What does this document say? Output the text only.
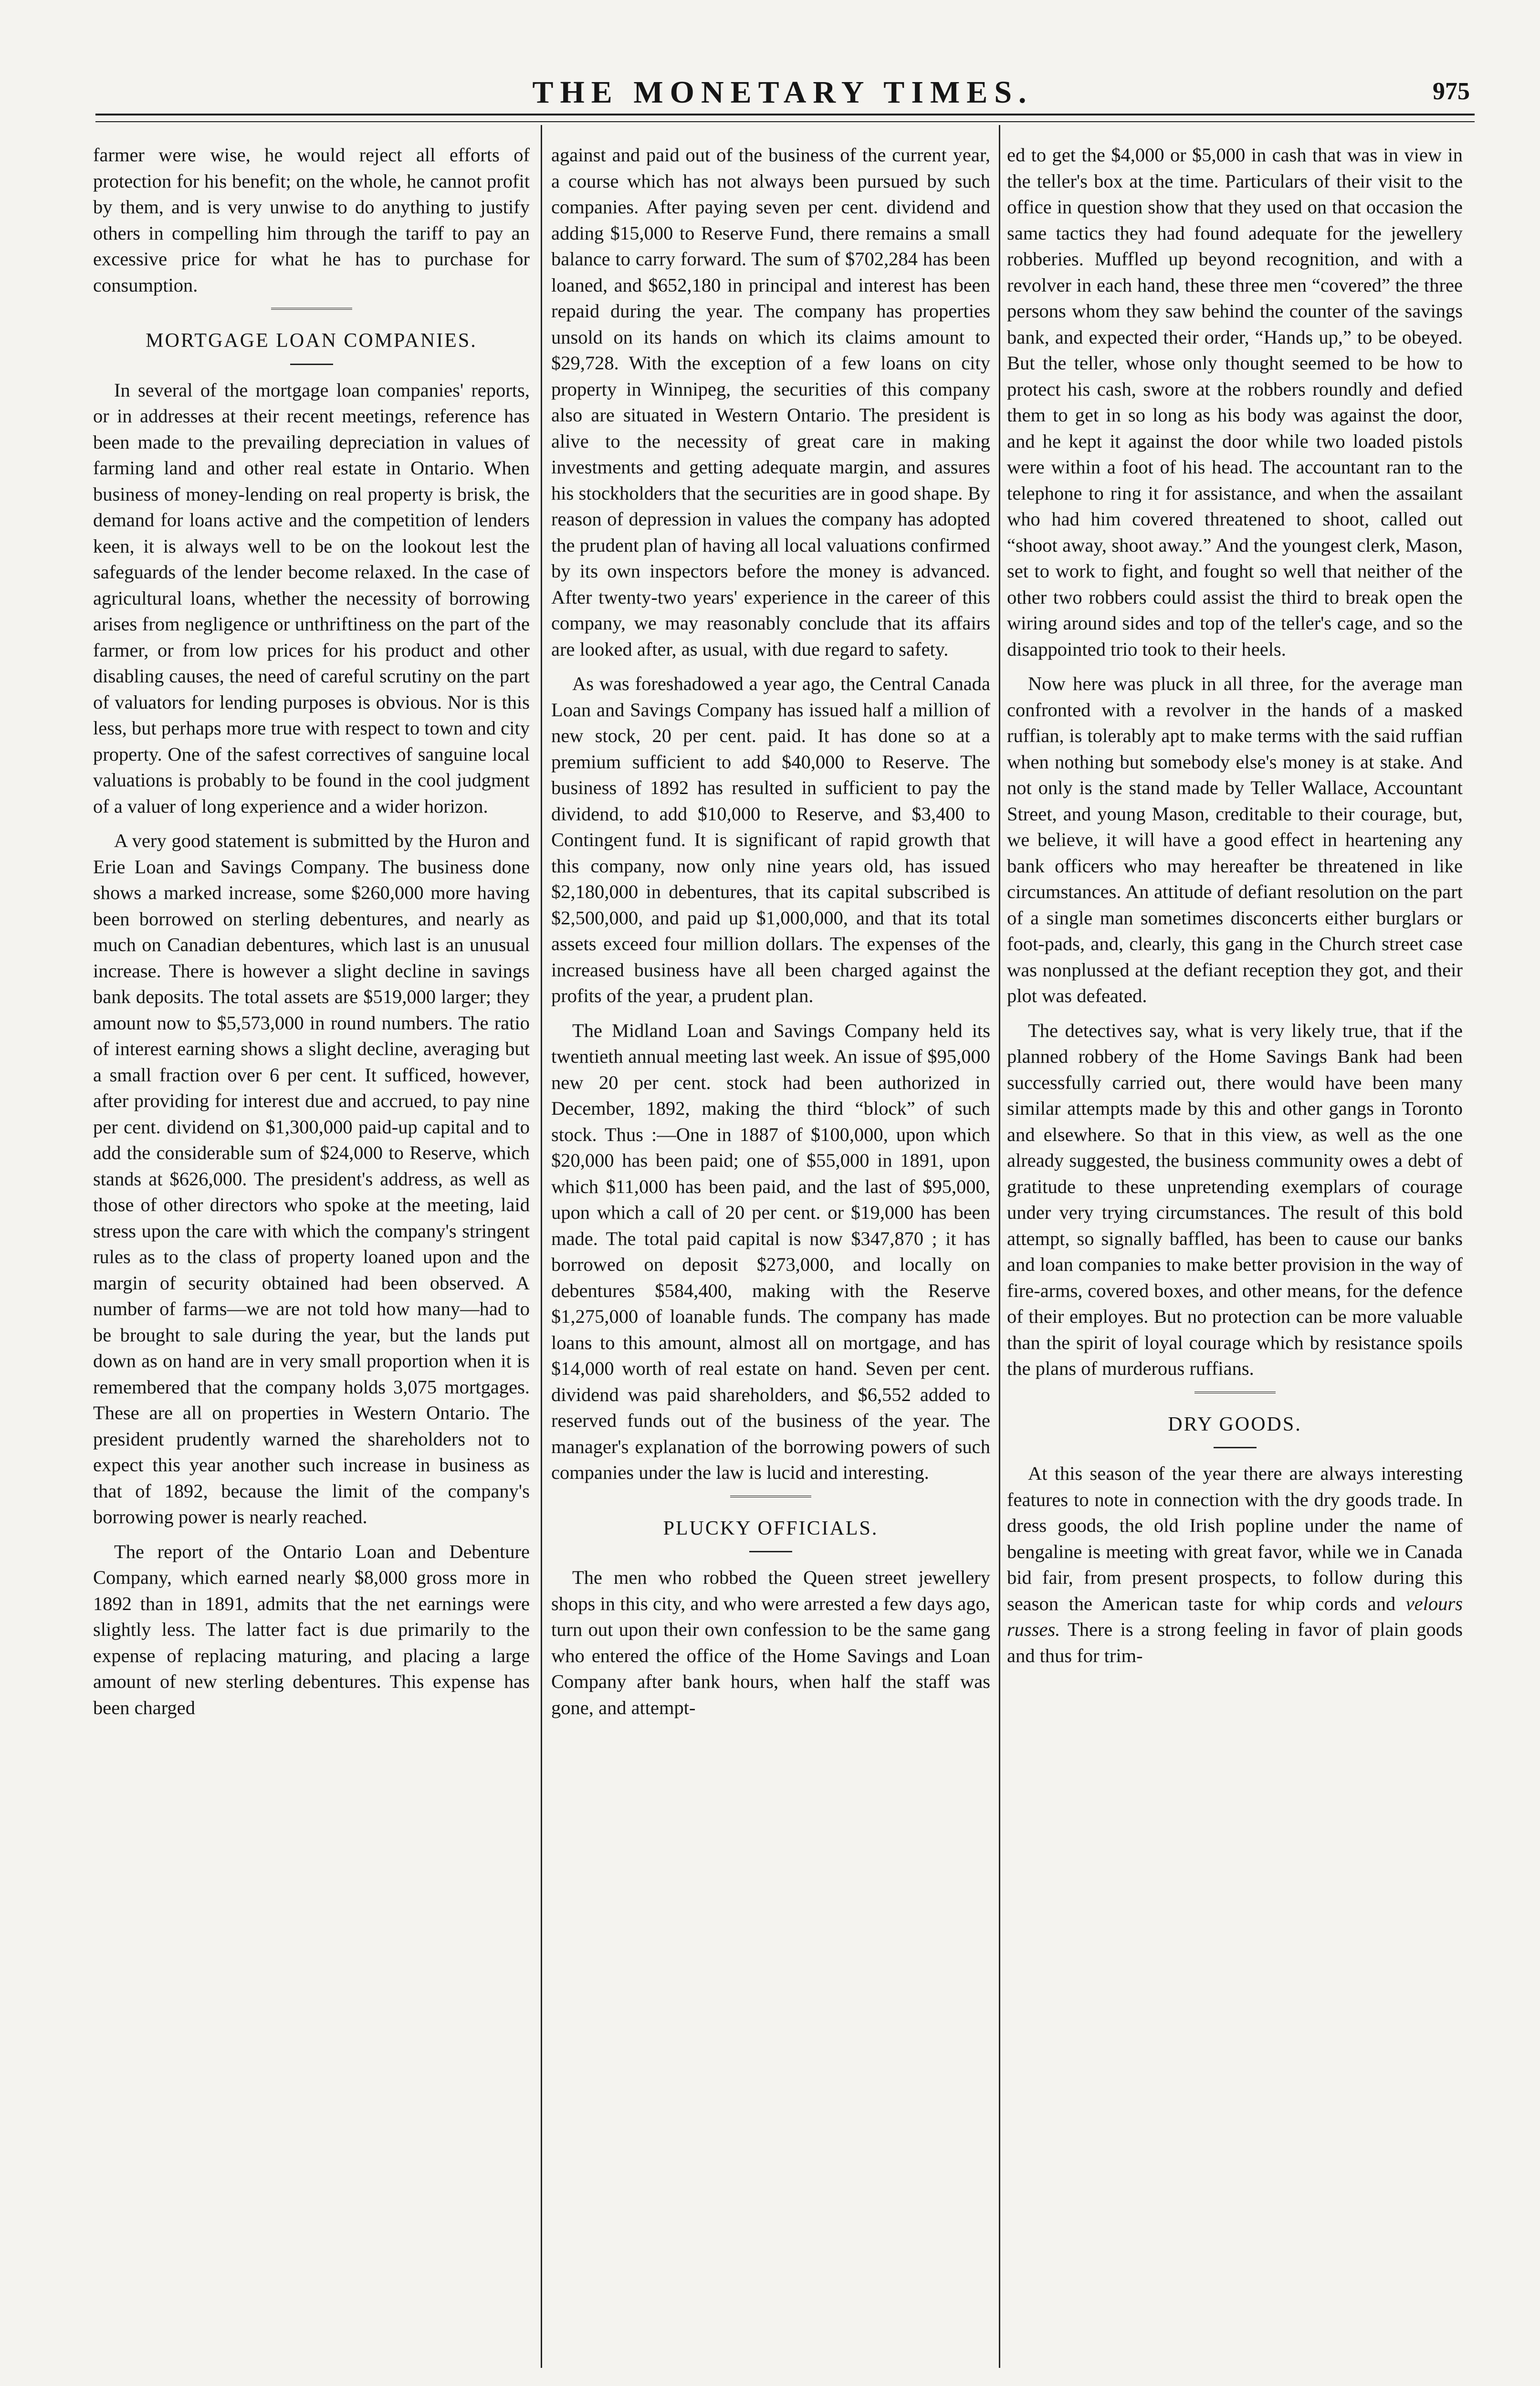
THE MONETARY TIMES.	975

farmer were wise, he would reject all efforts of protection for his benefit; on the whole, he cannot profit by them, and is very unwise to do anything to justify others in compelling him through the tariff to pay an excessive price for what he has to purchase for consumption.

MORTGAGE LOAN COMPANIES.

In several of the mortgage loan companies' reports, or in addresses at their recent meetings, reference has been made to the prevailing depreciation in values of farming land and other real estate in Ontario. When business of money-lending on real property is brisk, the demand for loans active and the competition of lenders keen, it is always well to be on the lookout lest the safeguards of the lender become relaxed. In the case of agricultural loans, whether the necessity of borrowing arises from negligence or unthriftiness on the part of the farmer, or from low prices for his product and other disabling causes, the need of careful scrutiny on the part of valuators for lending purposes is obvious. Nor is this less, but perhaps more true with respect to town and city property. One of the safest correctives of sanguine local valuations is probably to be found in the cool judgment of a valuer of long experience and a wider horizon.

A very good statement is submitted by the Huron and Erie Loan and Savings Company. The business done shows a marked increase, some $260,000 more having been borrowed on sterling debentures, and nearly as much on Canadian debentures, which last is an unusual increase. There is however a slight decline in savings bank deposits. The total assets are $519,000 larger; they amount now to $5,573,000 in round numbers. The ratio of interest earning shows a slight decline, averaging but a small fraction over 6 per cent. It sufficed, however, after providing for interest due and accrued, to pay nine per cent. dividend on $1,300,000 paid-up capital and to add the considerable sum of $24,000 to Reserve, which stands at $626,000. The president's address, as well as those of other directors who spoke at the meeting, laid stress upon the care with which the company's stringent rules as to the class of property loaned upon and the margin of security obtained had been observed. A number of farms—we are not told how many—had to be brought to sale during the year, but the lands put down as on hand are in very small proportion when it is remembered that the company holds 3,075 mortgages. These are all on properties in Western Ontario. The president prudently warned the shareholders not to expect this year another such increase in business as that of 1892, because the limit of the company's borrowing power is nearly reached.

The report of the Ontario Loan and Debenture Company, which earned nearly $8,000 gross more in 1892 than in 1891, admits that the net earnings were slightly less. The latter fact is due primarily to the expense of replacing maturing, and placing a large amount of new sterling debentures. This expense has been charged

against and paid out of the business of the current year, a course which has not always been pursued by such companies. After paying seven per cent. dividend and adding $15,000 to Reserve Fund, there remains a small balance to carry forward. The sum of $702,284 has been loaned, and $652,180 in principal and interest has been repaid during the year. The company has properties unsold on its hands on which its claims amount to $29,728. With the exception of a few loans on city property in Winnipeg, the securities of this company also are situated in Western Ontario. The president is alive to the necessity of great care in making investments and getting adequate margin, and assures his stockholders that the securities are in good shape. By reason of depression in values the company has adopted the prudent plan of having all local valuations confirmed by its own inspectors before the money is advanced. After twenty-two years' experience in the career of this company, we may reasonably conclude that its affairs are looked after, as usual, with due regard to safety.

As was foreshadowed a year ago, the Central Canada Loan and Savings Company has issued half a million of new stock, 20 per cent. paid. It has done so at a premium sufficient to add $40,000 to Reserve. The business of 1892 has resulted in sufficient to pay the dividend, to add $10,000 to Reserve, and $3,400 to Contingent fund. It is significant of rapid growth that this company, now only nine years old, has issued $2,180,000 in debentures, that its capital subscribed is $2,500,000, and paid up $1,000,000, and that its total assets exceed four million dollars. The expenses of the increased business have all been charged against the profits of the year, a prudent plan.

The Midland Loan and Savings Company held its twentieth annual meeting last week. An issue of $95,000 new 20 per cent. stock had been authorized in December, 1892, making the third “block” of such stock. Thus :—One in 1887 of $100,000, upon which $20,000 has been paid; one of $55,000 in 1891, upon which $11,000 has been paid, and the last of $95,000, upon which a call of 20 per cent. or $19,000 has been made. The total paid capital is now $347,870 ; it has borrowed on deposit $273,000, and locally on debentures $584,400, making with the Reserve $1,275,000 of loanable funds. The company has made loans to this amount, almost all on mortgage, and has $14,000 worth of real estate on hand. Seven per cent. dividend was paid shareholders, and $6,552 added to reserved funds out of the business of the year. The manager's explanation of the borrowing powers of such companies under the law is lucid and interesting.

PLUCKY OFFICIALS.

The men who robbed the Queen street jewellery shops in this city, and who were arrested a few days ago, turn out upon their own confession to be the same gang who entered the office of the Home Savings and Loan Company after bank hours, when half the staff was gone, and attempt-

ed to get the $4,000 or $5,000 in cash that was in view in the teller's box at the time. Particulars of their visit to the office in question show that they used on that occasion the same tactics they had found adequate for the jewellery robberies. Muffled up beyond recognition, and with a revolver in each hand, these three men “covered” the three persons whom they saw behind the counter of the savings bank, and expected their order, “Hands up,” to be obeyed. But the teller, whose only thought seemed to be how to protect his cash, swore at the robbers roundly and defied them to get in so long as his body was against the door, and he kept it against the door while two loaded pistols were within a foot of his head. The accountant ran to the telephone to ring it for assistance, and when the assailant who had him covered threatened to shoot, called out “shoot away, shoot away.” And the youngest clerk, Mason, set to work to fight, and fought so well that neither of the other two robbers could assist the third to break open the wiring around sides and top of the teller's cage, and so the disappointed trio took to their heels.

Now here was pluck in all three, for the average man confronted with a revolver in the hands of a masked ruffian, is tolerably apt to make terms with the said ruffian when nothing but somebody else's money is at stake. And not only is the stand made by Teller Wallace, Accountant Street, and young Mason, creditable to their courage, but, we believe, it will have a good effect in heartening any bank officers who may hereafter be threatened in like circumstances. An attitude of defiant resolution on the part of a single man sometimes disconcerts either burglars or foot-pads, and, clearly, this gang in the Church street case was nonplussed at the defiant reception they got, and their plot was defeated.

The detectives say, what is very likely true, that if the planned robbery of the Home Savings Bank had been successfully carried out, there would have been many similar attempts made by this and other gangs in Toronto and elsewhere. So that in this view, as well as the one already suggested, the business community owes a debt of gratitude to these unpretending exemplars of courage under very trying circumstances. The result of this bold attempt, so signally baffled, has been to cause our banks and loan companies to make better provision in the way of fire-arms, covered boxes, and other means, for the defence of their employes. But no protection can be more valuable than the spirit of loyal courage which by resistance spoils the plans of murderous ruffians.

DRY GOODS.

At this season of the year there are always interesting features to note in connection with the dry goods trade. In dress goods, the old Irish popline under the name of bengaline is meeting with great favor, while we in Canada bid fair, from present prospects, to follow during this season the American taste for whip cords and velours russes. There is a strong feeling in favor of plain goods and thus for trim-
